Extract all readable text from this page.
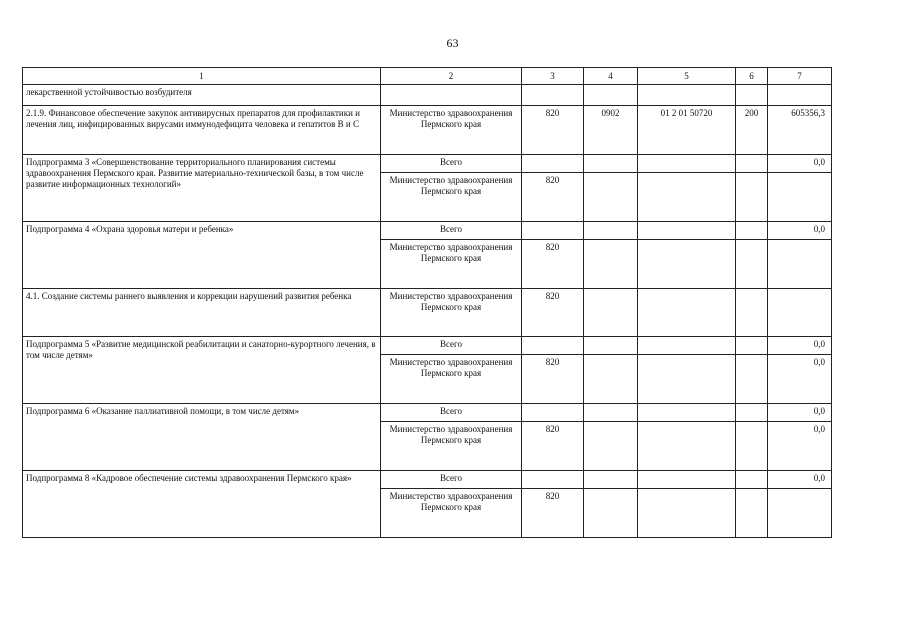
63
1	2	3	4	5	6	7
лекарственной устойчивостью возбудителя						
2.1.9. Финансовое обеспечение закупок антивирусных препаратов для профилактики и лечения лиц, инфицированных вирусами иммунодефицита человека и гепатитов В и С	Министерство здравоохранения Пермского края	820	0902	01 2 01 50720	200	605356,3
Подпрограмма 3 «Совершенствование территориального планирования системы здравоохранения Пермского края. Развитие материально-технической базы, в том числе развитие информационных технологий»	Всего					0,0
	Министерство здравоохранения Пермского края	820				
Подпрограмма 4 «Охрана здоровья матери и ребенка»	Всего					0,0
	Министерство здравоохранения Пермского края	820				
4.1. Создание системы раннего выявления и коррекции нарушений развития ребенка	Министерство здравоохранения Пермского края	820				
Подпрограмма 5 «Развитие медицинской реабилитации и санаторно-курортного лечения, в том числе детям»	Всего					0,0
	Министерство здравоохранения Пермского края	820				0,0
Подпрограмма 6 «Оказание паллиативной помощи, в том числе детям»	Всего					0,0
	Министерство здравоохранения Пермского края	820				0,0
Подпрограмма 8 «Кадровое обеспечение системы здравоохранения Пермского края»	Всего					0,0
	Министерство здравоохранения Пермского края	820				
